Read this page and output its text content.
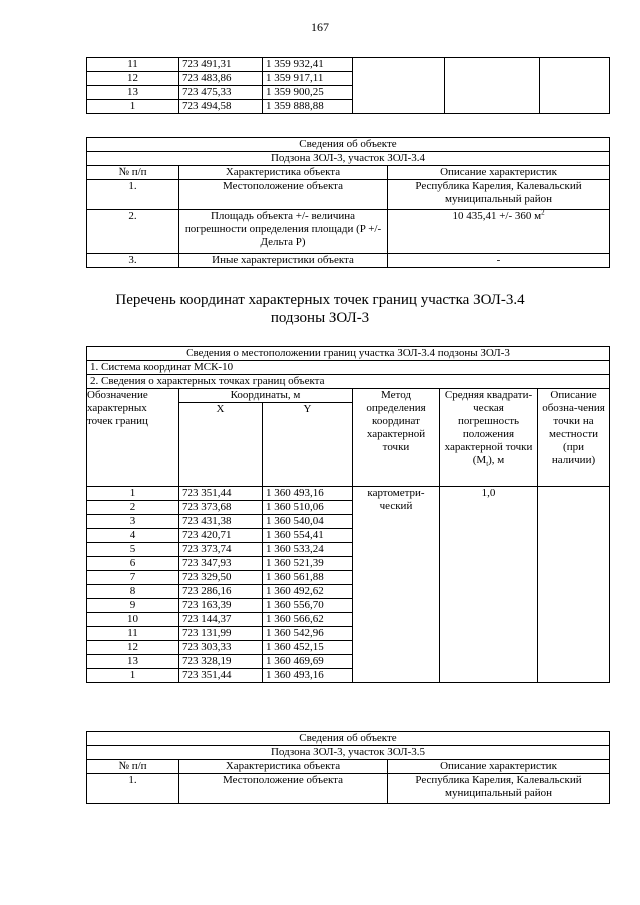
167
11	723 491,31	1 359 932,41			
12	723 483,86	1 359 917,11			
13	723 475,33	1 359 900,25			
1	723 494,58	1 359 888,88			
Сведения об объекте		
Подзона ЗОЛ-3, участок ЗОЛ-3.4		
№ п/п	Характеристика объекта	Описание характеристик
1.	Местоположение объекта	Республика Карелия, Калевальский муниципальный район
2.	Площадь объекта +/- величина погрешности определения площади (P +/- Дельта P)	10 435,41 +/- 360 $м^2$
3.	Иные характеристики объекта	-
Перечень координат характерных точек границ участка ЗОЛ-3.4
подзоны ЗОЛ-3
Сведения о местоположении границ участка ЗОЛ-3.4 подзоны ЗОЛ-3					
1. Система координат МСК-10					
2. Сведения о характерных точках границ объекта					
Обозначение характерных точек границ	Координаты, м		Метод определения координат характерной точки	Средняя квадрати-ческая погрешность положения характерной точки $(M_t)$, м	Описание обозна-чения точки на местности (при наличии)
	X	Y			
1	723 351,44	1 360 493,16	картометри-ческий	1,0	
2	723 373,68	1 360 510,06			
3	723 431,38	1 360 540,04			
4	723 420,71	1 360 554,41			
5	723 373,74	1 360 533,24			
6	723 347,93	1 360 521,39			
7	723 329,50	1 360 561,88			
8	723 286,16	1 360 492,62			
9	723 163,39	1 360 556,70			
10	723 144,37	1 360 566,62			
11	723 131,99	1 360 542,96			
12	723 303,33	1 360 452,15			
13	723 328,19	1 360 469,69			
1	723 351,44	1 360 493,16			
Сведения об объекте		
Подзона ЗОЛ-3, участок ЗОЛ-3.5		
№ п/п	Характеристика объекта	Описание характеристик
1.	Местоположение объекта	Республика Карелия, Калевальский муниципальный район
